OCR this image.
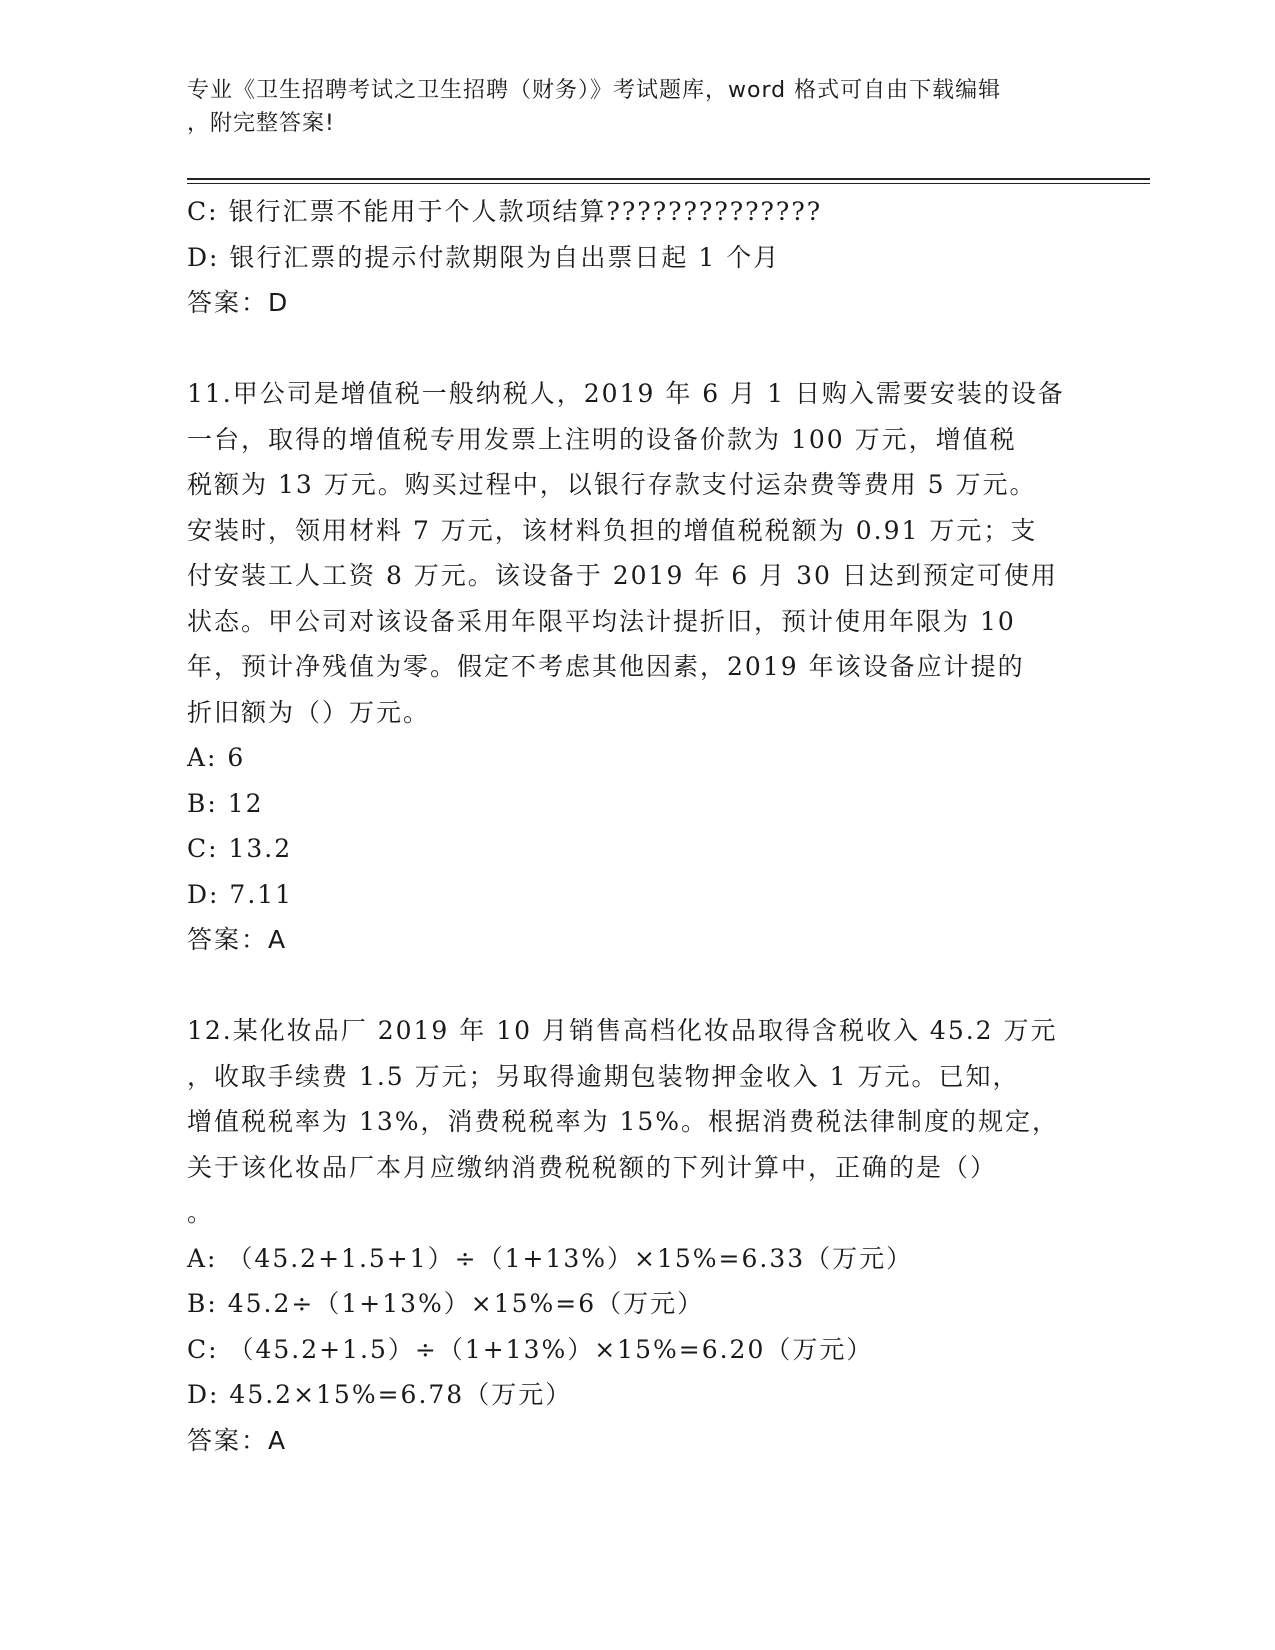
专业《卫生招聘考试之卫生招聘（财务）》考试题库，word 格式可自由下载编辑
，附完整答案!
C: 银行汇票不能用于个人款项结算??????????????
D: 银行汇票的提示付款期限为自出票日起 1 个月
答案：D
11.甲公司是增值税一般纳税人，2019 年 6 月 1 日购入需要安装的设备
一台，取得的增值税专用发票上注明的设备价款为 100 万元，增值税
税额为 13 万元。购买过程中，以银行存款支付运杂费等费用 5 万元。
安装时，领用材料 7 万元，该材料负担的增值税税额为 0.91 万元；支
付安装工人工资 8 万元。该设备于 2019 年 6 月 30 日达到预定可使用
状态。甲公司对该设备采用年限平均法计提折旧，预计使用年限为 10
年，预计净残值为零。假定不考虑其他因素，2019 年该设备应计提的
折旧额为（）万元。
A: 6
B: 12
C: 13.2
D: 7.11
答案：A
12.某化妆品厂 2019 年 10 月销售高档化妆品取得含税收入 45.2 万元
，收取手续费 1.5 万元；另取得逾期包装物押金收入 1 万元。已知，
增值税税率为 13%，消费税税率为 15%。根据消费税法律制度的规定，
关于该化妆品厂本月应缴纳消费税税额的下列计算中，正确的是（）
。
A: （45.2+1.5+1）÷（1+13%）×15%=6.33（万元）
B: 45.2÷（1+13%）×15%=6（万元）
C: （45.2+1.5）÷（1+13%）×15%=6.20（万元）
D: 45.2×15%=6.78（万元）
答案：A
